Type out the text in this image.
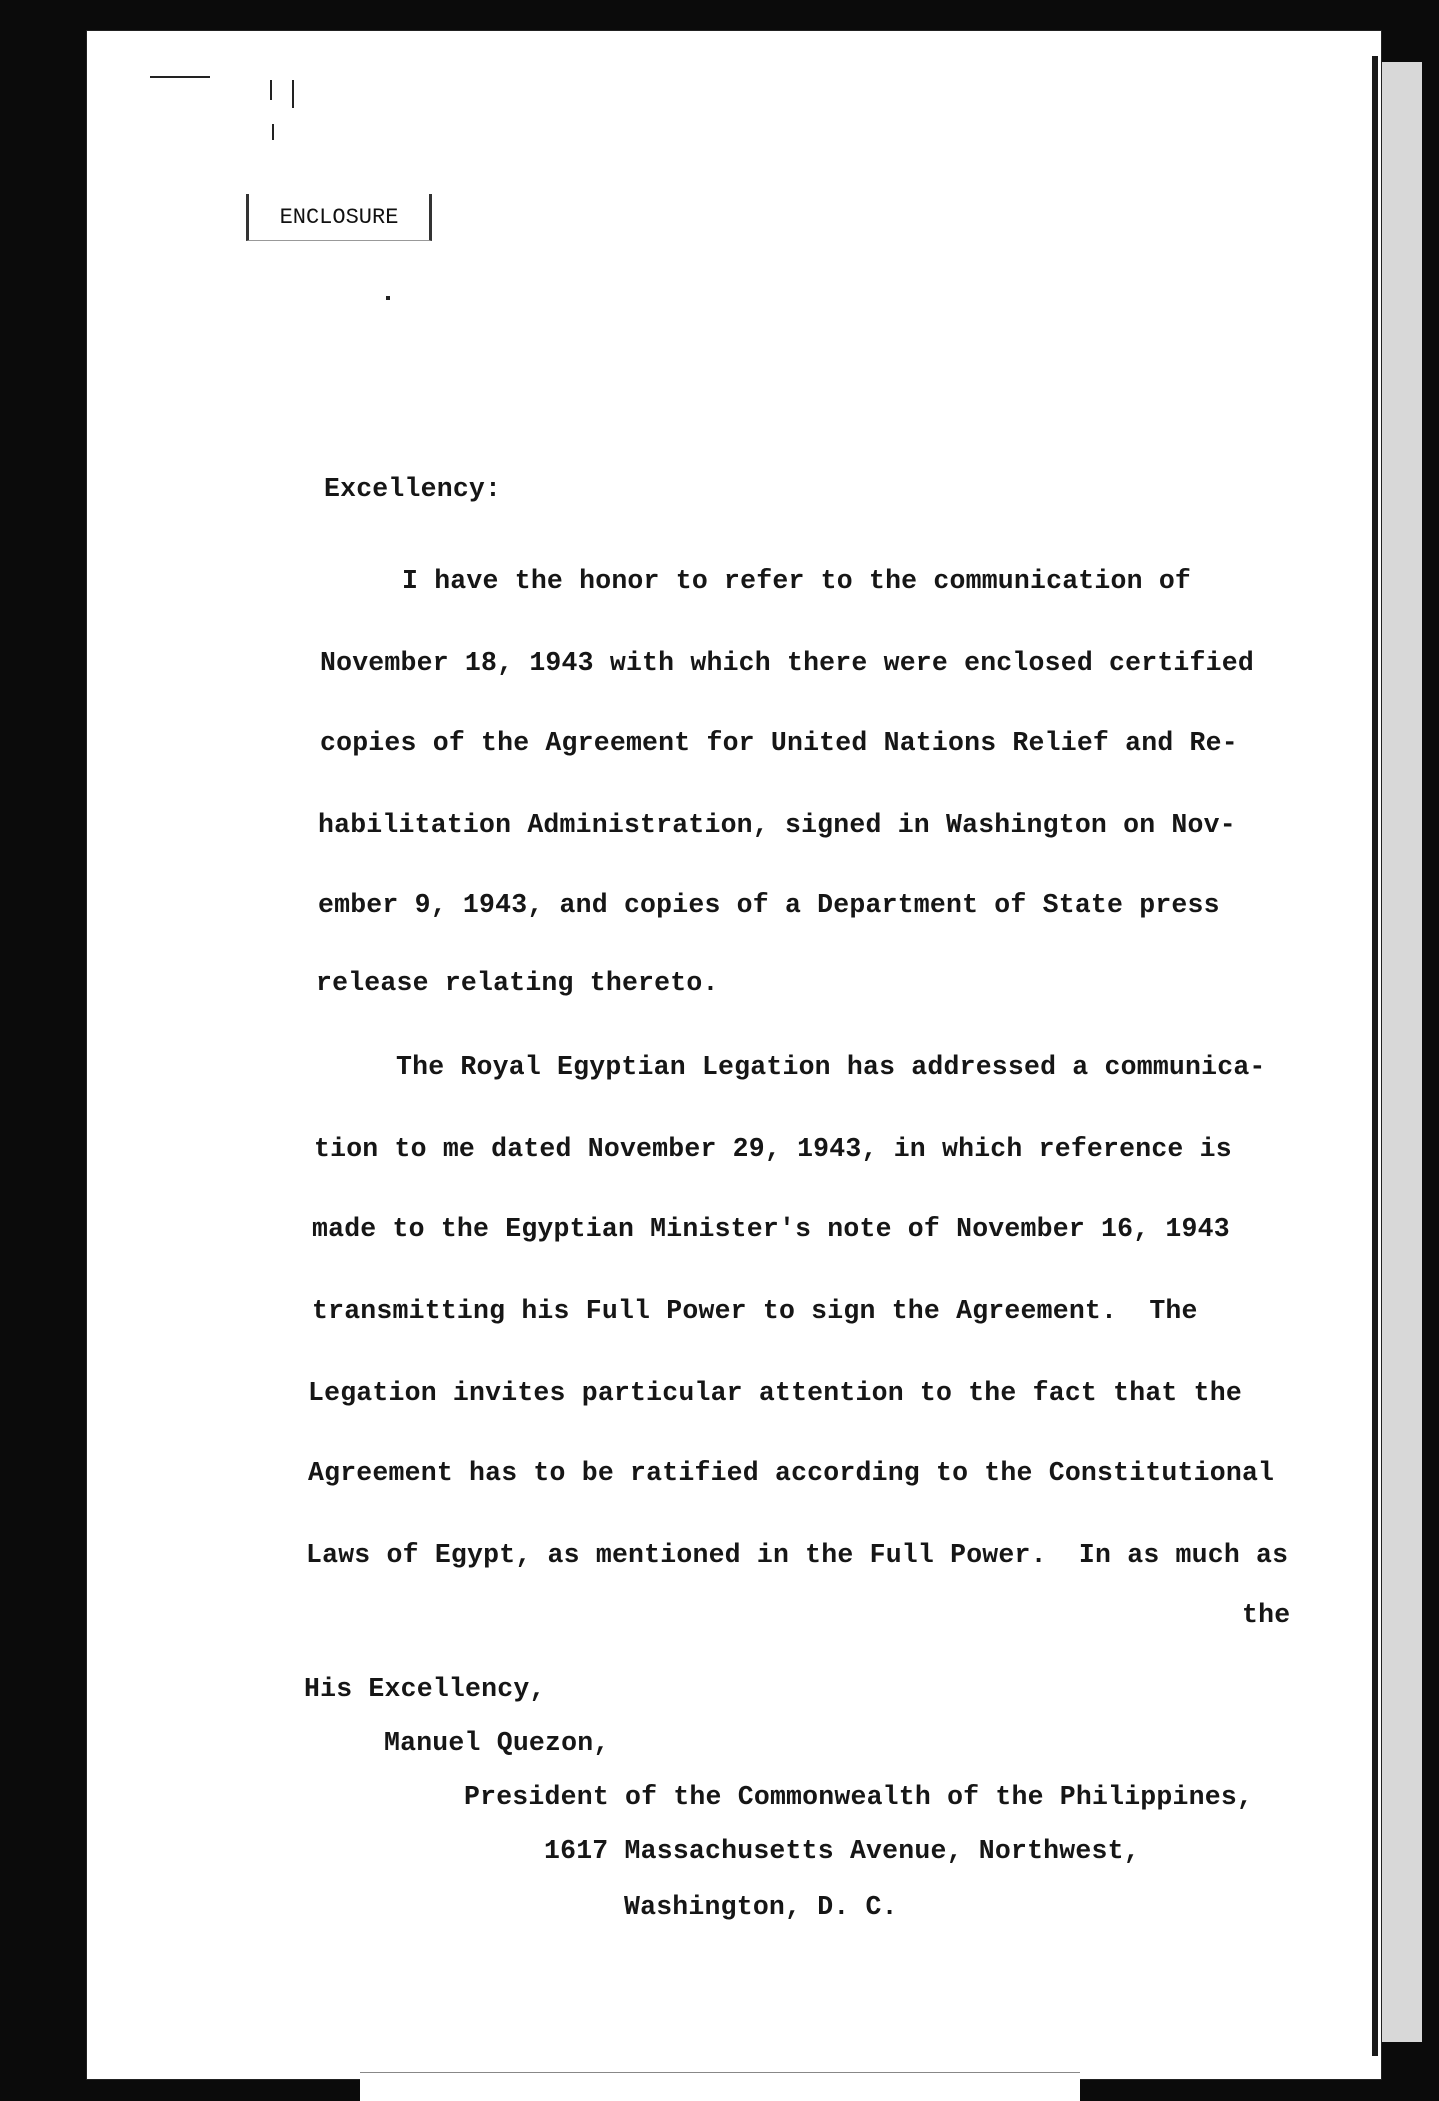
ENCLOSURE
Excellency:
I have the honor to refer to the communication of
November 18, 1943 with which there were enclosed certified
copies of the Agreement for United Nations Relief and Re-
habilitation Administration, signed in Washington on Nov-
ember 9, 1943, and copies of a Department of State press
release relating thereto.
The Royal Egyptian Legation has addressed a communica-
tion to me dated November 29, 1943, in which reference is
made to the Egyptian Minister's note of November 16, 1943
transmitting his Full Power to sign the Agreement.  The
Legation invites particular attention to the fact that the
Agreement has to be ratified according to the Constitutional
Laws of Egypt, as mentioned in the Full Power.  In as much as
the
His Excellency,
Manuel Quezon,
President of the Commonwealth of the Philippines,
1617 Massachusetts Avenue, Northwest,
Washington, D. C.
